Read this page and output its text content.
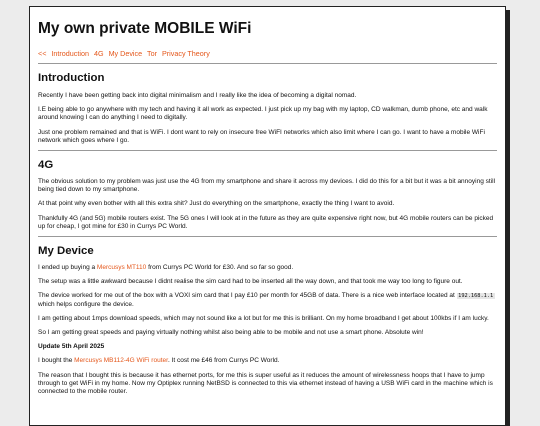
My own private MOBILE WiFi
<< Introduction 4G My Device Tor Privacy Theory
Introduction

Recently I have been getting back into digital minimalism and I really like the idea of becoming a digital nomad.

I.E being able to go anywhere with my tech and having it all work as expected. I just pick up my bag with my laptop, CD walkman, dumb phone, etc and walk around knowing I can do anything I need to digitally.

Just one problem remained and that is WiFi. I dont want to rely on insecure free WiFI networks which also limit where I can go. I want to have a mobile WiFi network which goes where I go.

4G

The obvious solution to my problem was just use the 4G from my smartphone and share it across my devices. I did do this for a bit but it was a bit annoying still being tied down to my smartphone.

At that point why even bother with all this extra shit? Just do everything on the smartphone, exactly the thing I want to avoid.

Thankfully 4G (and 5G) mobile routers exist. The 5G ones I will look at in the future as they are quite expensive right now, but 4G mobile routers can be picked up for cheap, I got mine for £30 in Currys PC World.

My Device

I ended up buying a Mercusys MT110 from Currys PC World for £30. And so far so good.

The setup was a little awkward because I didnt realise the sim card had to be inserted all the way down, and that took me way too long to figure out.

The device worked for me out of the box with a VOXI sim card that I pay £10 per month for 45GB of data. There is a nice web interface located at 192.168.1.1 which helps configure the device.

I am getting about 1mps download speeds, which may not sound like a lot but for me this is brilliant. On my home broadband I get about 100kbs if I am lucky.

So I am getting great speeds and paying virtually nothing whilst also being able to be mobile and not use a smart phone. Absolute win!

Update 5th April 2025

I bought the Mercusys MB112-4G WiFi router. It cost me £46 from Currys PC World.

The reason that I bought this is because it has ethernet ports, for me this is super useful as it reduces the amount of wirelessness hoops that I have to jump through to get WiFi in my home. Now my Optiplex running NetBSD is connected to this via ethernet instead of having a USB WiFi card in the machine which is connected to the mobile router.
